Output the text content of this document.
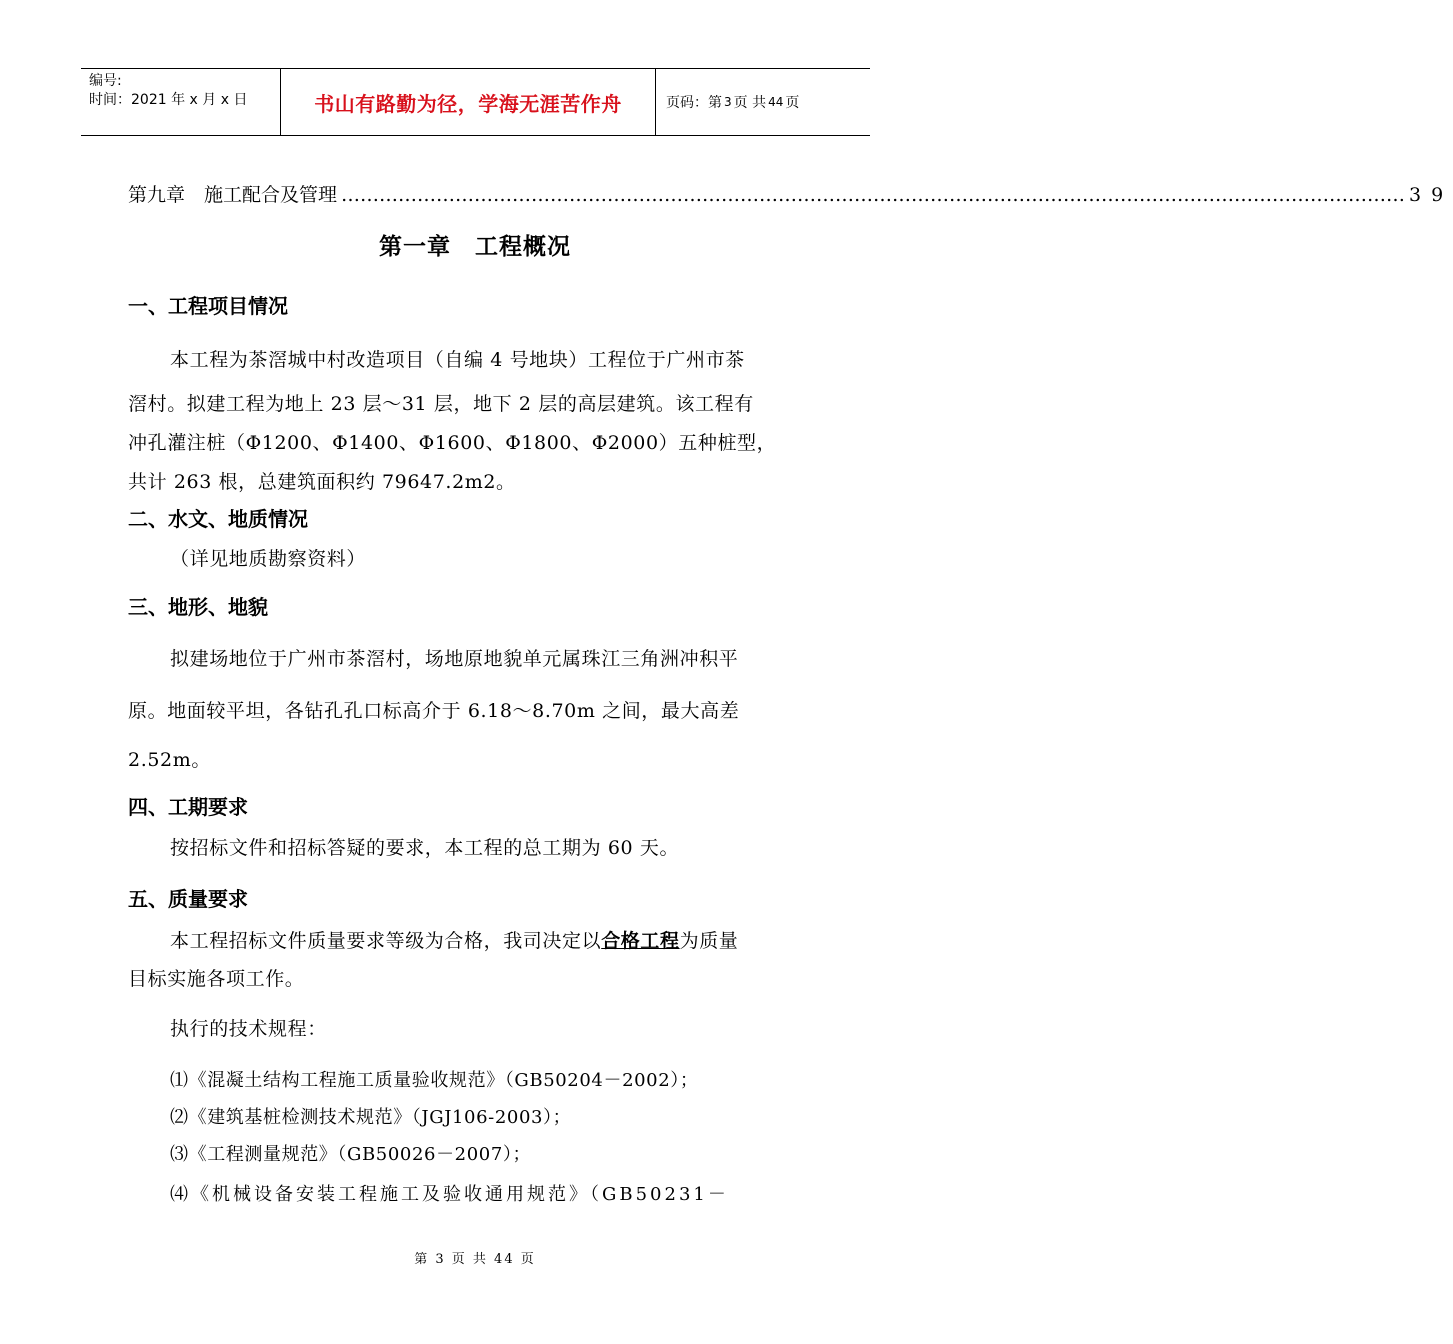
编号:
时间：2021 年 x 月 x 日	书山有路勤为径，学海无涯苦作舟	页码：第 3 页 共 44 页
第九章　施工配合及管理 …………………………………………………………………………………………………………………………………………………… 39
第一章　工程概况
一、工程项目情况
本工程为茶滘城中村改造项目（自编 4 号地块）工程位于广州市茶
滘村。拟建工程为地上 23 层～31 层，地下 2 层的高层建筑。该工程有
冲孔灌注桩（Φ1200、Φ1400、Φ1600、Φ1800、Φ2000）五种桩型，
共计 263 根，总建筑面积约 79647.2m2。
二、水文、地质情况
（详见地质勘察资料）
三、地形、地貌
拟建场地位于广州市茶滘村，场地原地貌单元属珠江三角洲冲积平
原。地面较平坦，各钻孔孔口标高介于 6.18～8.70m 之间，最大高差
2.52m。
四、工期要求
按招标文件和招标答疑的要求，本工程的总工期为 60 天。
五、质量要求
本工程招标文件质量要求等级为合格，我司决定以合格工程为质量
目标实施各项工作。
执行的技术规程：
⑴《混凝土结构工程施工质量验收规范》（GB50204－2002）；
⑵《建筑基桩检测技术规范》（JGJ106-2003）；
⑶《工程测量规范》（GB50026－2007）；
⑷《机械设备安装工程施工及验收通用规范》（GB50231－
第 3 页 共 44 页
